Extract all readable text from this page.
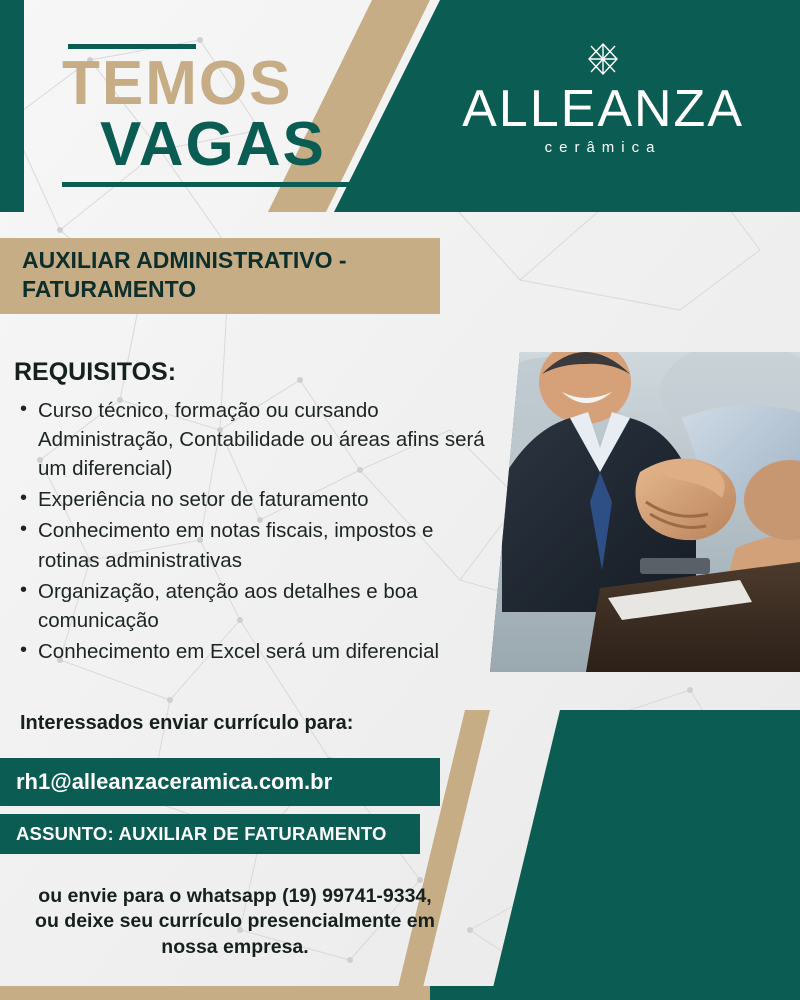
TEMOS
VAGAS
ALLEANZA
cerâmica
AUXILIAR ADMINISTRATIVO - FATURAMENTO
REQUISITOS:
• Curso técnico, formação ou cursando Administração, Contabilidade ou áreas afins será um diferencial)
• Experiência no setor de faturamento
• Conhecimento em notas fiscais, impostos e rotinas administrativas
• Organização, atenção aos detalhes e boa comunicação
• Conhecimento em Excel será um diferencial
Interessados enviar currículo para:
rh1@alleanzaceramica.com.br
ASSUNTO: AUXILIAR DE FATURAMENTO
ou envie para o whatsapp (19) 99741-9334,
ou deixe seu currículo presencialmente em
nossa empresa.
